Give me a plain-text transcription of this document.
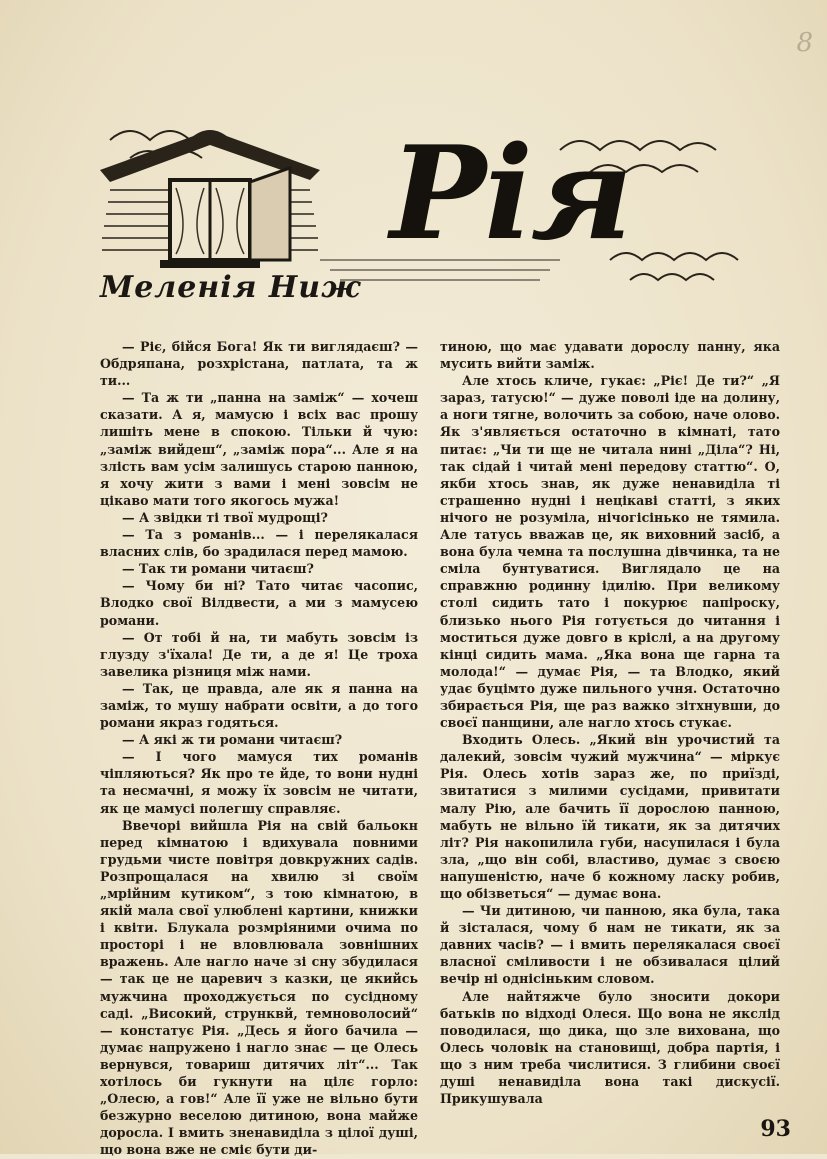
8
Меленія Ниж
Рія

— Ріє, бійся Бога! Як ти виглядаєш? — Обдряпана, розхрістана, патлата, та ж ти...

— Та ж ти „панна на заміж“ — хочеш сказати. А я, мамусю і всіх вас прошу лишіть мене в спокою. Тільки й чую: „заміж вийдеш“, „заміж пора“... Але я на злість вам усім залишусь старою панною, я хочу жити з вами і мені зовсім не цікаво мати того якогось мужа!

— А звідки ті твої мудрощі?

— Та з романів... — і перелякалася власних слів, бо зрадилася перед мамою.

— Так ти романи читаєш?

— Чому би ні? Тато читає часопис, Влодко свої Вілдвести, а ми з мамусею романи.

— От тобі й на, ти мабуть зовсім із глузду з'їхала! Де ти, а де я! Це троха завелика різниця між нами.

— Так, це правда, але як я панна на заміж, то мушу набрати освіти, а до того романи якраз годяться.

— А які ж ти романи читаєш?

— І чого мамуся тих романів чіпляються? Як про те йде, то вони нудні та несмачні, я можу їх зовсім не читати, як це мамусі полегшу справляє.

Ввечорі вийшла Рія на свій бальокн перед кімнатою і вдихувала повними грудьми чисте повітря довкружних садів. Розпрощалася на хвилю зі своїм „мрійним кутиком“, з тою кімнатою, в якій мала свої улюблені картини, книжки і квіти. Блукала розмріяними очима по просторі і не вловлювала зовнішних вражень. Але нагло наче зі сну збудилася — так це не царевич з казки, це якийсь мужчина проходжується по сусідному саді. „Високий, струнквй, темноволосий“ — констатує Рія. „Десь я його бачила — думає напружено і нагло знає — це Олесь вернувся, товариш дитячих літ“... Так хотілось би гукнути на цілє горло: „Олесю, а гов!“ Але її уже не вільно бути безжурно веселою дитиною, вона майже дорослa. І вмить зненавиділа з цілої душі, що вона вже не сміє бути ди-

тиною, що має удавати дорослу панну, яка мусить вийти заміж.

Але хтось кличе, гукає: „Ріє! Де ти?“ „Я зараз, татусю!“ — дуже поволі іде на долину, а ноги тягне, волочить за собою, наче олово. Як з'являється остаточно в кімнаті, тато питає: „Чи ти ще не читала нині „Діла“? Ні, так сідай і читай мені передову статтю“. О, якби хтось знав, як дуже ненавиділа ті страшенно нудні і нецікаві статті, з яких нічого не розуміла, нічогісінько не тямила. Але татусь вважав це, як виховний засіб, а вона була чемна та послушна дівчинка, та не сміла бунтуватися. Виглядало це на справжню родинну ідилію. При великому столі сидить тато і покурює папіроску, близько нього Рія готується до читання і моститься дуже довго в кріслі, а на другому кінці сидить мама. „Яка вона ще гарна та молода!“ — думає Рія, — та Влодко, який удає буцімто дуже пильного учня. Остаточно збирається Рія, ще раз важко зітхнувши, до своєї панщини, але нагло хтось стукає.

Входить Олесь. „Який він урочистий та далекий, зовсім чужий мужчина“ — міркує Рія. Олесь хотів зараз же, по приїзді, звитатися з милими сусідами, привитати малу Рію, але бачить її дорослою панною, мабуть не вільно їй тикати, як за дитячих літ? Рія нaкопилила губи, насупилася і була зла, „що він собі, властиво, думає з своєю напушеністю, наче б кожному ласку робив, що обізветься“ — думає вона.

— Чи дитиною, чи панною, яка була, така й зісталася, чому б нам не тикати, як за давних часів? — і вмить перелякалася своєї власної сміливости і не обзивалася цілий вечір ні однісіньким словом.

Але найтяжче було зносити докори батьків по відході Олеся. Що вона не якслід поводилася, що дика, що зле вихована, що Олесь чоловік на становищі, добра партія, і що з ним треба числитися. З глибини своєї душі ненавиділа вона такі дискусії. Прикушувала

93
